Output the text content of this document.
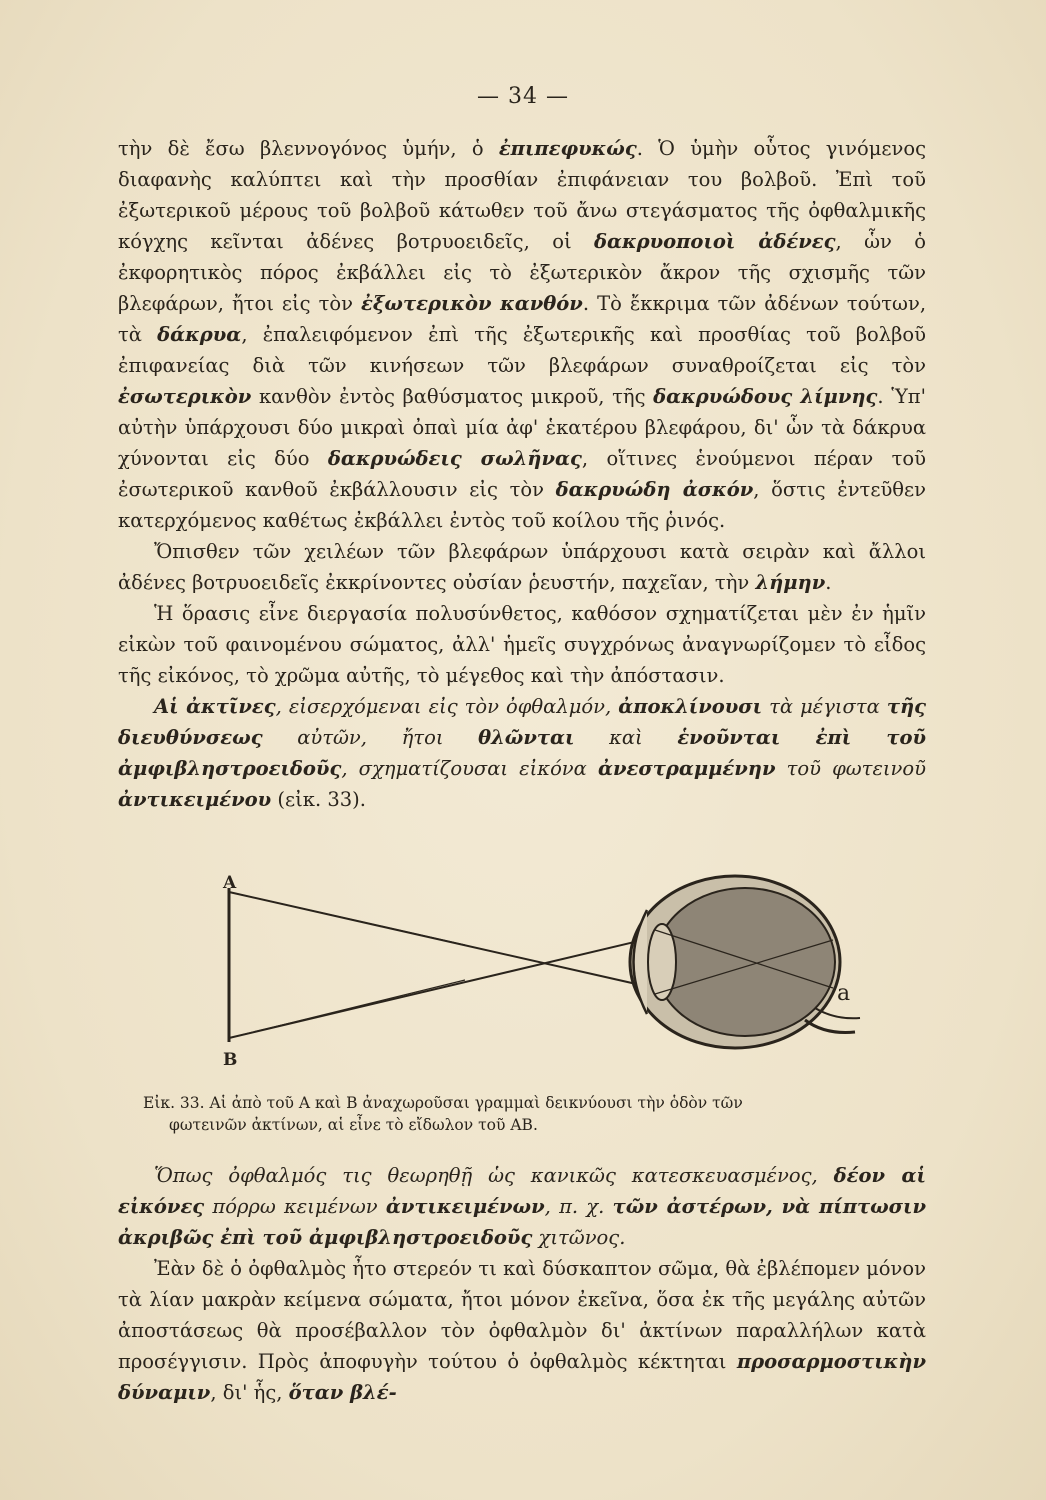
— 34 —

τὴν δὲ ἔσω βλεννογόνος ὑμήν, ὁ ἐπιπεφυκώς. Ὁ ὑμὴν οὗτος γινόμενος διαφανὴς καλύπτει καὶ τὴν προσθίαν ἐπιφάνειαν του βολβοῦ. Ἐπὶ τοῦ ἐξωτερικοῦ μέρους τοῦ βολβοῦ κάτωθεν τοῦ ἄνω στεγάσματος τῆς ὀφθαλμικῆς κόγχης κεῖνται ἀδένες βοτρυοειδεῖς, οἱ δακρυοποιοὶ ἀδένες, ὧν ὁ ἐκφορητικὸς πόρος ἐκβάλλει εἰς τὸ ἐξωτερικὸν ἄκρον τῆς σχισμῆς τῶν βλεφάρων, ἤτοι εἰς τὸν ἐξωτερικὸν κανθόν. Τὸ ἔκκριμα τῶν ἀδένων τούτων, τὰ δάκρυα, ἐπαλειφόμενον ἐπὶ τῆς ἐξωτερικῆς καὶ προσθίας τοῦ βολβοῦ ἐπιφανείας διὰ τῶν κινήσεων τῶν βλεφάρων συναθροίζεται εἰς τὸν ἐσωτερικὸν κανθὸν ἐντὸς βαθύσματος μικροῦ, τῆς δακρυώδους λίμνης. Ὑπ' αὐτὴν ὑπάρχουσι δύο μικραὶ ὀπαὶ μία ἀφ' ἑκατέρου βλεφάρου, δι' ὧν τὰ δάκρυα χύνονται εἰς δύο δακρυώδεις σωλῆνας, οἵτινες ἑνούμενοι πέραν τοῦ ἐσωτερικοῦ κανθοῦ ἐκβάλλουσιν εἰς τὸν δακρυώδη ἀσκόν, ὅστις ἐντεῦθεν κατερχόμενος καθέτως ἐκβάλλει ἐντὸς τοῦ κοίλου τῆς ῥινός.

Ὄπισθεν τῶν χειλέων τῶν βλεφάρων ὑπάρχουσι κατὰ σειρὰν καὶ ἄλλοι ἀδένες βοτρυοειδεῖς ἐκκρίνοντες οὐσίαν ῥευστήν, παχεῖαν, τὴν λήμην.

Ἡ ὅρασις εἶνε διεργασία πολυσύνθετος, καθόσον σχηματίζεται μὲν ἐν ἡμῖν εἰκὼν τοῦ φαινομένου σώματος, ἀλλ' ἡμεῖς συγχρόνως ἀναγνωρίζομεν τὸ εἶδος τῆς εἰκόνος, τὸ χρῶμα αὐτῆς, τὸ μέγεθος καὶ τὴν ἀπόστασιν.

Αἱ ἀκτῖνες, εἰσερχόμεναι εἰς τὸν ὀφθαλμόν, ἀποκλίνουσι τὰ μέγιστα τῆς διευθύνσεως αὐτῶν, ἤτοι θλῶνται καὶ ἑνοῦνται ἐπὶ τοῦ ἀμφιβληστροειδοῦς, σχηματίζουσαι εἰκόνα ἀνεστραμμένην τοῦ φωτεινοῦ ἀντικειμένου (εἰκ. 33).

A
B
a
Εἰκ. 33. Αἱ ἀπὸ τοῦ Α καὶ Β ἀναχωροῦσαι γραμμαὶ δεικνύουσι τὴν ὁδὸν τῶν
φωτεινῶν ἀκτίνων, αἱ εἶνε τὸ εἴδωλον τοῦ ΑΒ.

Ὅπως ὀφθαλμός τις θεωρηθῇ ὡς κανικῶς κατεσκευασμένος, δέον αἱ εἰκόνες πόρρω κειμένων ἀντικειμένων, π. χ. τῶν ἀστέρων, νὰ πίπτωσιν ἀκριβῶς ἐπὶ τοῦ ἀμφιβληστροειδοῦς χιτῶνος.

Ἐὰν δὲ ὁ ὀφθαλμὸς ἦτο στερεόν τι καὶ δύσκαπτον σῶμα, θὰ ἐβλέπομεν μόνον τὰ λίαν μακρὰν κείμενα σώματα, ἤτοι μόνον ἐκεῖνα, ὅσα ἐκ τῆς μεγάλης αὐτῶν ἀποστάσεως θὰ προσέβαλλον τὸν ὀφθαλμὸν δι' ἀκτίνων παραλλήλων κατὰ προσέγγισιν. Πρὸς ἀποφυγὴν τούτου ὁ ὀφθαλμὸς κέκτηται προσαρμοστικὴν δύναμιν, δι' ἧς, ὅταν βλέ-
